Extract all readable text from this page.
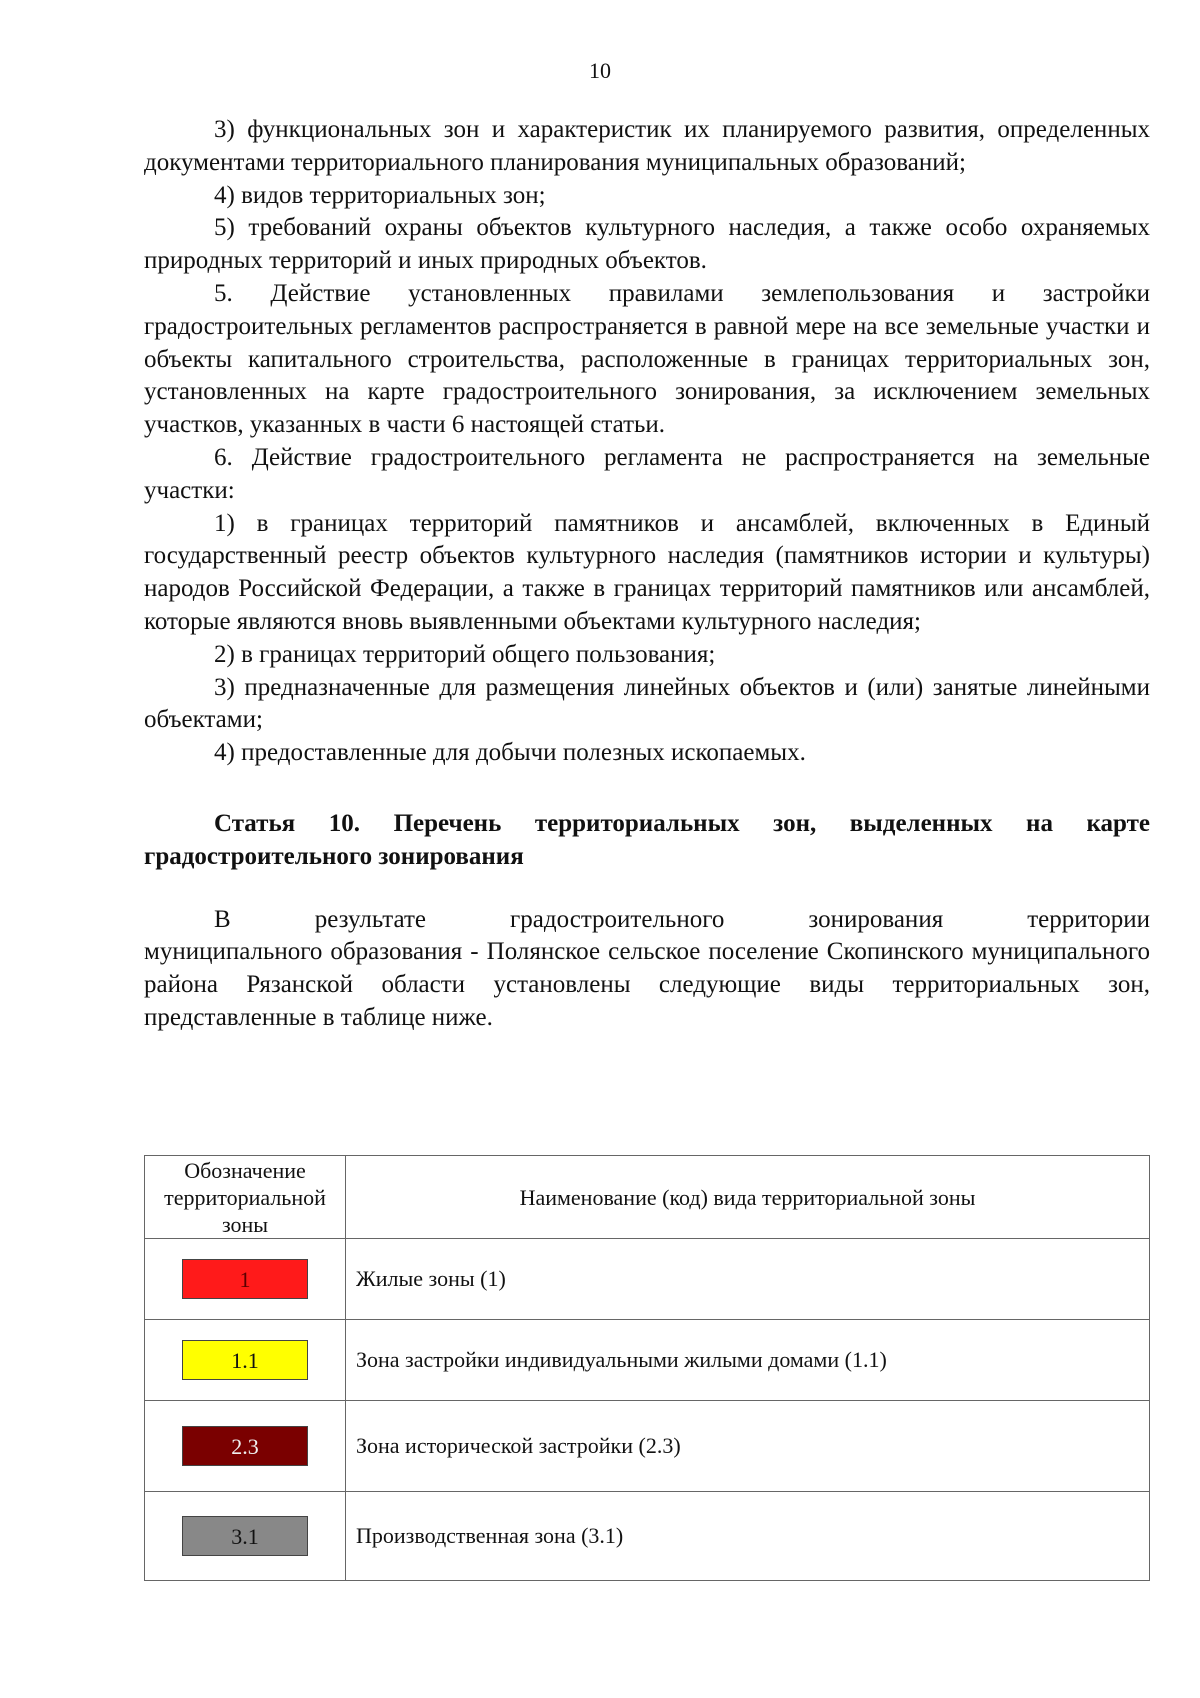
10

3) функциональных зон и характеристик их планируемого развития, определенных документами территориального планирования муниципальных образований;

4) видов территориальных зон;

5) требований охраны объектов культурного наследия, а также особо охраняемых природных территорий и иных природных объектов.

5. Действие установленных правилами землепользования и застройки градостроительных регламентов распространяется в равной мере на все земельные участки и объекты капитального строительства, расположенные в границах территориальных зон, установленных на карте градостроительного зонирования, за исключением земельных участков, указанных в части 6 настоящей статьи.

6. Действие градостроительного регламента не распространяется на земельные участки:

1) в границах территорий памятников и ансамблей, включенных в Единый государственный реестр объектов культурного наследия (памятников истории и культуры) народов Российской Федерации, а также в границах территорий памятников или ансамблей, которые являются вновь выявленными объектами культурного наследия;

2) в границах территорий общего пользования;

3) предназначенные для размещения линейных объектов и (или) занятые линейными объектами;

4) предоставленные для добычи полезных ископаемых.

Статья 10. Перечень территориальных зон, выделенных на карте градостроительного зонирования

В результате градостроительного зонирования территории

муниципального образования - Полянское сельское поселение Скопинского муниципального района Рязанской области установлены следующие виды территориальных зон, представленные в таблице ниже.

Обозначение территориальной зоны	Наименование (код) вида территориальной зоны
1	Жилые зоны (1)
1.1	Зона застройки индивидуальными жилыми домами (1.1)
2.3	Зона исторической застройки (2.3)
3.1	Производственная зона (3.1)
